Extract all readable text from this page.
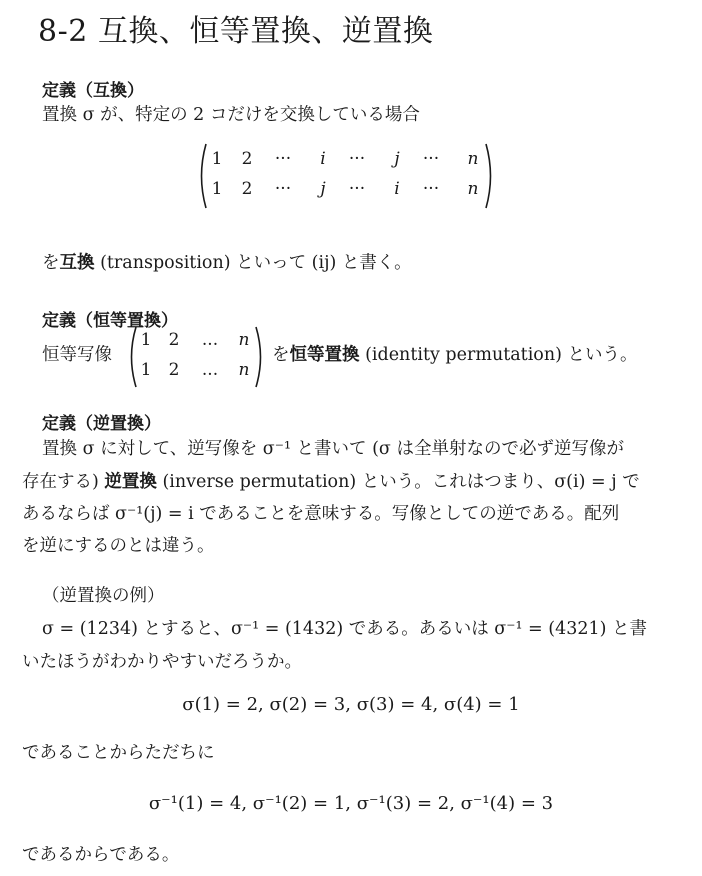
8-2 互換、恒等置換、逆置換
定義（互換）
置換 σ が、特定の 2 コだけを交換している場合
1	2	···	i	···	j	···	n
1	2	···	j	···	i	···	n
を互換 (transposition) といって (ij) と書く。
定義（恒等置換）
恒等写像
1 2	...	n
1 2	...	n
を恒等置換 (identity permutation) という。
定義（逆置換）
置換 σ に対して、逆写像を σ⁻¹ と書いて (σ は全単射なので必ず逆写像が
存在する) 逆置換 (inverse permutation) という。これはつまり、σ(i) = j で
あるならば σ⁻¹(j) = i であることを意味する。写像としての逆である。配列
を逆にするのとは違う。
（逆置換の例）
σ = (1234) とすると、σ⁻¹ = (1432) である。あるいは σ⁻¹ = (4321) と書
いたほうがわかりやすいだろうか。
σ(1) = 2, σ(2) = 3, σ(3) = 4, σ(4) = 1
であることからただちに
σ⁻¹(1) = 4, σ⁻¹(2) = 1, σ⁻¹(3) = 2, σ⁻¹(4) = 3
であるからである。
